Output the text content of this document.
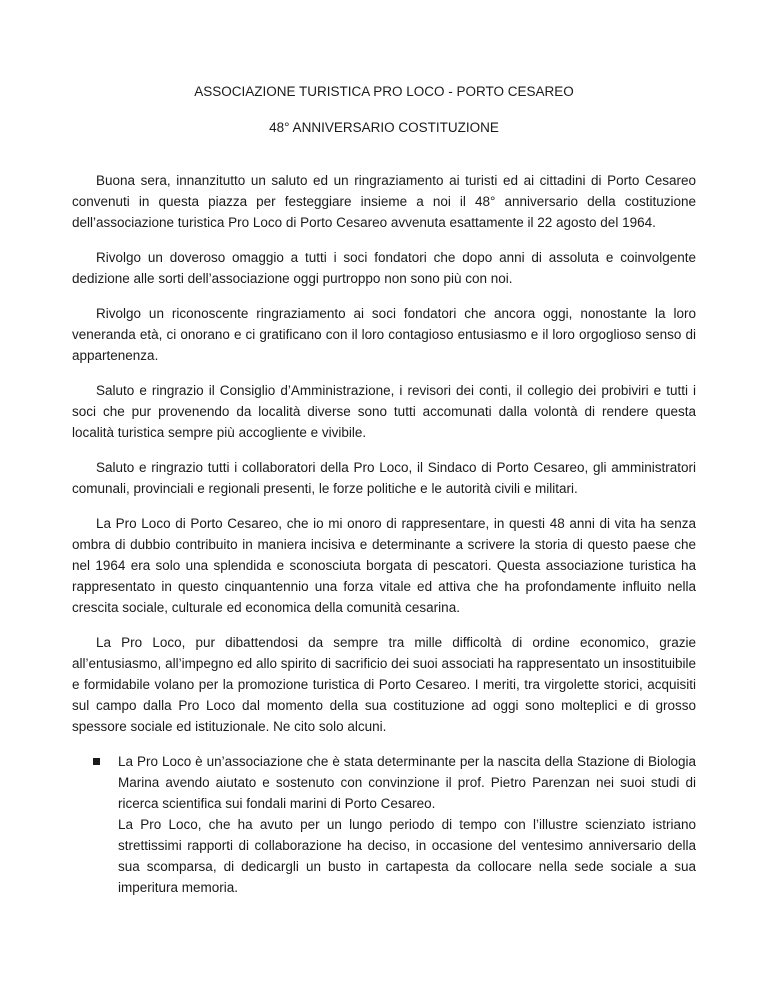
ASSOCIAZIONE TURISTICA PRO LOCO - PORTO CESAREO

48° ANNIVERSARIO COSTITUZIONE

Buona sera, innanzitutto un saluto ed un ringraziamento ai turisti ed ai cittadini di Porto Cesareo convenuti in questa piazza per festeggiare insieme a noi il 48° anniversario della costituzione dell’associazione turistica Pro Loco di Porto Cesareo avvenuta esattamente il 22 agosto del 1964.

Rivolgo un doveroso omaggio a tutti i soci fondatori che dopo anni di assoluta e coinvolgente dedizione alle sorti dell’associazione oggi purtroppo non sono più con noi.

Rivolgo un riconoscente ringraziamento ai soci fondatori che ancora oggi, nonostante la loro veneranda età, ci onorano e ci gratificano con il loro contagioso entusiasmo e il loro orgoglioso senso di appartenenza.

Saluto e ringrazio il Consiglio d’Amministrazione, i revisori dei conti, il collegio dei probiviri e tutti i soci che pur provenendo da località diverse sono tutti accomunati dalla volontà di rendere questa località turistica sempre più accogliente e vivibile.

Saluto e ringrazio tutti i collaboratori della Pro Loco, il Sindaco di Porto Cesareo, gli amministratori comunali, provinciali e regionali presenti, le forze politiche e le autorità civili e militari.

La Pro Loco di Porto Cesareo, che io mi onoro di rappresentare, in questi 48 anni di vita ha senza ombra di dubbio contribuito in maniera incisiva e determinante a scrivere la storia di questo paese che nel 1964 era solo una splendida e sconosciuta borgata di pescatori. Questa associazione turistica ha rappresentato in questo cinquantennio una forza vitale ed attiva che ha profondamente influito nella crescita sociale, culturale ed economica della comunità cesarina.

La Pro Loco, pur dibattendosi da sempre tra mille difficoltà di ordine economico, grazie all’entusiasmo, all’impegno ed allo spirito di sacrificio dei suoi associati ha rappresentato un insostituibile e formidabile volano per la promozione turistica di Porto Cesareo. I meriti, tra virgolette storici, acquisiti sul campo dalla Pro Loco dal momento della sua costituzione ad oggi sono molteplici e di grosso spessore sociale ed istituzionale. Ne cito solo alcuni.

La Pro Loco è un’associazione che è stata determinante per la nascita della Stazione di Biologia Marina avendo aiutato e sostenuto con convinzione il prof. Pietro Parenzan nei suoi studi di ricerca scientifica sui fondali marini di Porto Cesareo.
La Pro Loco, che ha avuto per un lungo periodo di tempo con l’illustre scienziato istriano strettissimi rapporti di collaborazione ha deciso, in occasione del ventesimo anniversario della sua scomparsa, di dedicargli un busto in cartapesta da collocare nella sede sociale a sua imperitura memoria.
